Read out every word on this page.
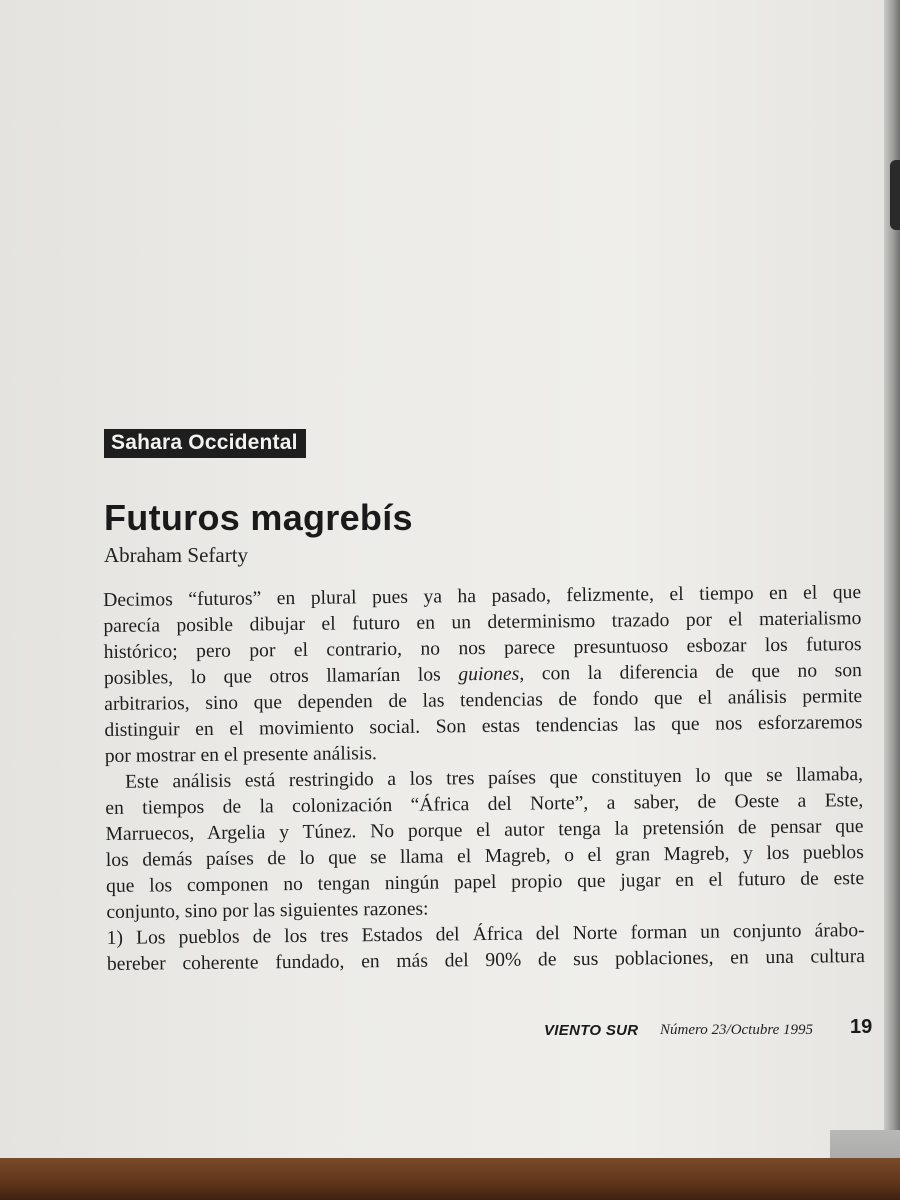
Sahara Occidental
Futuros magrebís
Abraham Sefarty

Decimos “futuros” en plural pues ya ha pasado, felizmente, el tiempo en el que
parecía posible dibujar el futuro en un determinismo trazado por el materialismo
histórico; pero por el contrario, no nos parece presuntuoso esbozar los futuros
posibles, lo que otros llamarían los guiones, con la diferencia de que no son
arbitrarios, sino que dependen de las tendencias de fondo que el análisis permite
distinguir en el movimiento social. Son estas tendencias las que nos esforzaremos
por mostrar en el presente análisis.

Este análisis está restringido a los tres países que constituyen lo que se llamaba,
en tiempos de la colonización “África del Norte”, a saber, de Oeste a Este,
Marruecos, Argelia y Túnez. No porque el autor tenga la pretensión de pensar que
los demás países de lo que se llama el Magreb, o el gran Magreb, y los pueblos
que los componen no tengan ningún papel propio que jugar en el futuro de este
conjunto, sino por las siguientes razones:
1) Los pueblos de los tres Estados del África del Norte forman un conjunto árabo-
bereber coherente fundado, en más del 90% de sus poblaciones, en una cultura

VIENTO SUR Número 23/Octubre 1995 19
